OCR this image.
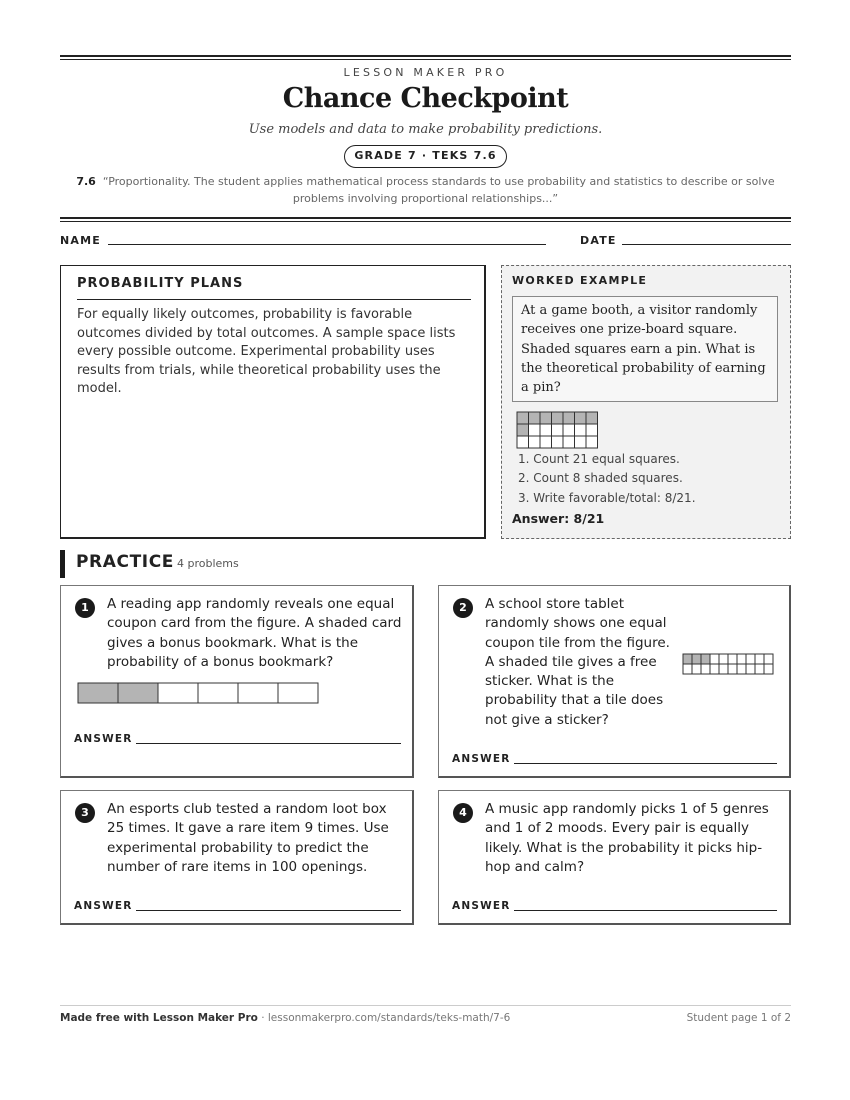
LESSON MAKER PRO
Chance Checkpoint
Use models and data to make probability predictions.
GRADE 7 · TEKS 7.6
7.6 “Proportionality. The student applies mathematical process standards to use probability and statistics to describe or solve problems involving proportional relationships...”
NAME	DATE
PROBABILITY PLANS
For equally likely outcomes, probability is favorable outcomes divided by total outcomes. A sample space lists every possible outcome. Experimental probability uses results from trials, while theoretical probability uses the model.
WORKED EXAMPLE
At a game booth, a visitor randomly receives one prize-board square. Shaded squares earn a pin. What is the theoretical probability of earning a pin?
1. Count 21 equal squares.
2. Count 8 shaded squares.
3. Write favorable/total: 8/21.
Answer: 8/21
PRACTICE 4 problems
1	A reading app randomly reveals one equal coupon card from the figure. A shaded card gives a bonus bookmark. What is the probability of a bonus bookmark?
ANSWER
2	A school store tablet randomly shows one equal coupon tile from the figure. A shaded tile gives a free sticker. What is the probability that a tile does not give a sticker?
ANSWER
3	An esports club tested a random loot box 25 times. It gave a rare item 9 times. Use experimental probability to predict the number of rare items in 100 openings.
ANSWER
4	A music app randomly picks 1 of 5 genres and 1 of 2 moods. Every pair is equally likely. What is the probability it picks hip-hop and calm?
ANSWER
Made free with Lesson Maker Pro · lessonmakerpro.com/standards/teks-math/7-6	Student page 1 of 2
